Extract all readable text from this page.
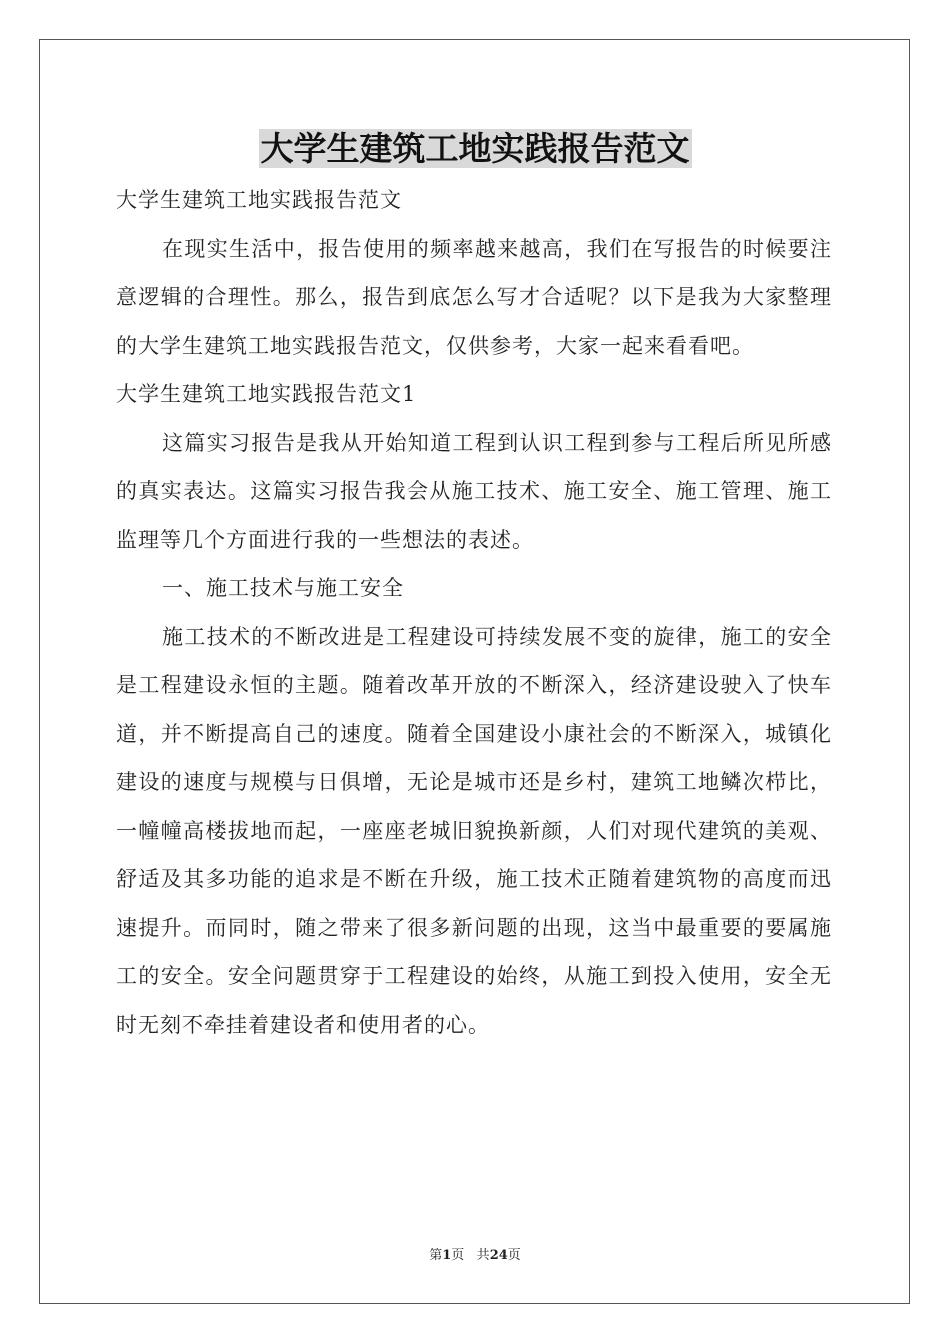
大学生建筑工地实践报告范文

大学生建筑工地实践报告范文

在现实生活中，报告使用的频率越来越高，我们在写报告的时候要注意逻辑的合理性。那么，报告到底怎么写才合适呢？以下是我为大家整理的大学生建筑工地实践报告范文，仅供参考，大家一起来看看吧。

大学生建筑工地实践报告范文1

这篇实习报告是我从开始知道工程到认识工程到参与工程后所见所感的真实表达。这篇实习报告我会从施工技术、施工安全、施工管理、施工监理等几个方面进行我的一些想法的表述。

一、施工技术与施工安全

施工技术的不断改进是工程建设可持续发展不变的旋律，施工的安全是工程建设永恒的主题。随着改革开放的不断深入，经济建设驶入了快车道，并不断提高自己的速度。随着全国建设小康社会的不断深入，城镇化建设的速度与规模与日俱增，无论是城市还是乡村，建筑工地鳞次栉比，一幢幢高楼拔地而起，一座座老城旧貌换新颜，人们对现代建筑的美观、舒适及其多功能的追求是不断在升级，施工技术正随着建筑物的高度而迅速提升。而同时，随之带来了很多新问题的出现，这当中最重要的要属施工的安全。安全问题贯穿于工程建设的始终，从施工到投入使用，安全无时无刻不牵挂着建设者和使用者的心。

第1页 共24页
